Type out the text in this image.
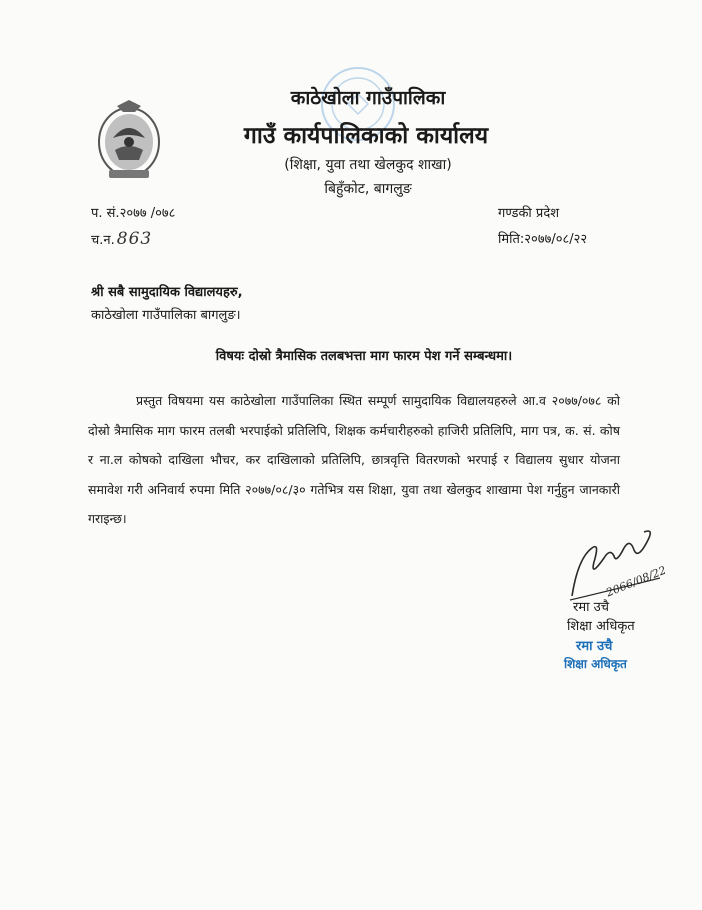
काठेखोला गाउँपालिका
गाउँ कार्यपालिकाको कार्यालय
(शिक्षा, युवा तथा खेलकुद शाखा)
बिहुँकोट, बागलुङ
प. सं.२०७७ /०७८
च.न. 863
गण्डकी प्रदेश
मिति:२०७७/०८/२२
श्री सबै सामुदायिक विद्यालयहरु,
काठेखोला गाउँपालिका बागलुङ।
विषयः दोस्रो त्रैमासिक तलबभत्ता माग फारम पेश गर्ने सम्बन्धमा।
प्रस्तुत विषयमा यस काठेखोला गाउँपालिका स्थित सम्पूर्ण सामुदायिक विद्यालयहरुले आ.व २०७७/०७८ को दोस्रो त्रैमासिक माग फारम तलबी भरपाईको प्रतिलिपि, शिक्षक कर्मचारीहरुको हाजिरी प्रतिलिपि, माग पत्र, क. सं. कोष र ना.ल कोषको दाखिला भौचर, कर दाखिलाको प्रतिलिपि, छात्रवृत्ति वितरणको भरपाई र विद्यालय सुधार योजना समावेश गरी अनिवार्य रुपमा मिति २०७७/०८/३० गतेभित्र यस शिक्षा, युवा तथा खेलकुद शाखामा पेश गर्नुहुन जानकारी गराइन्छ।
2066/08/22
रमा उचै
शिक्षा अधिकृत
रमा उचै
शिक्षा अधिकृत
